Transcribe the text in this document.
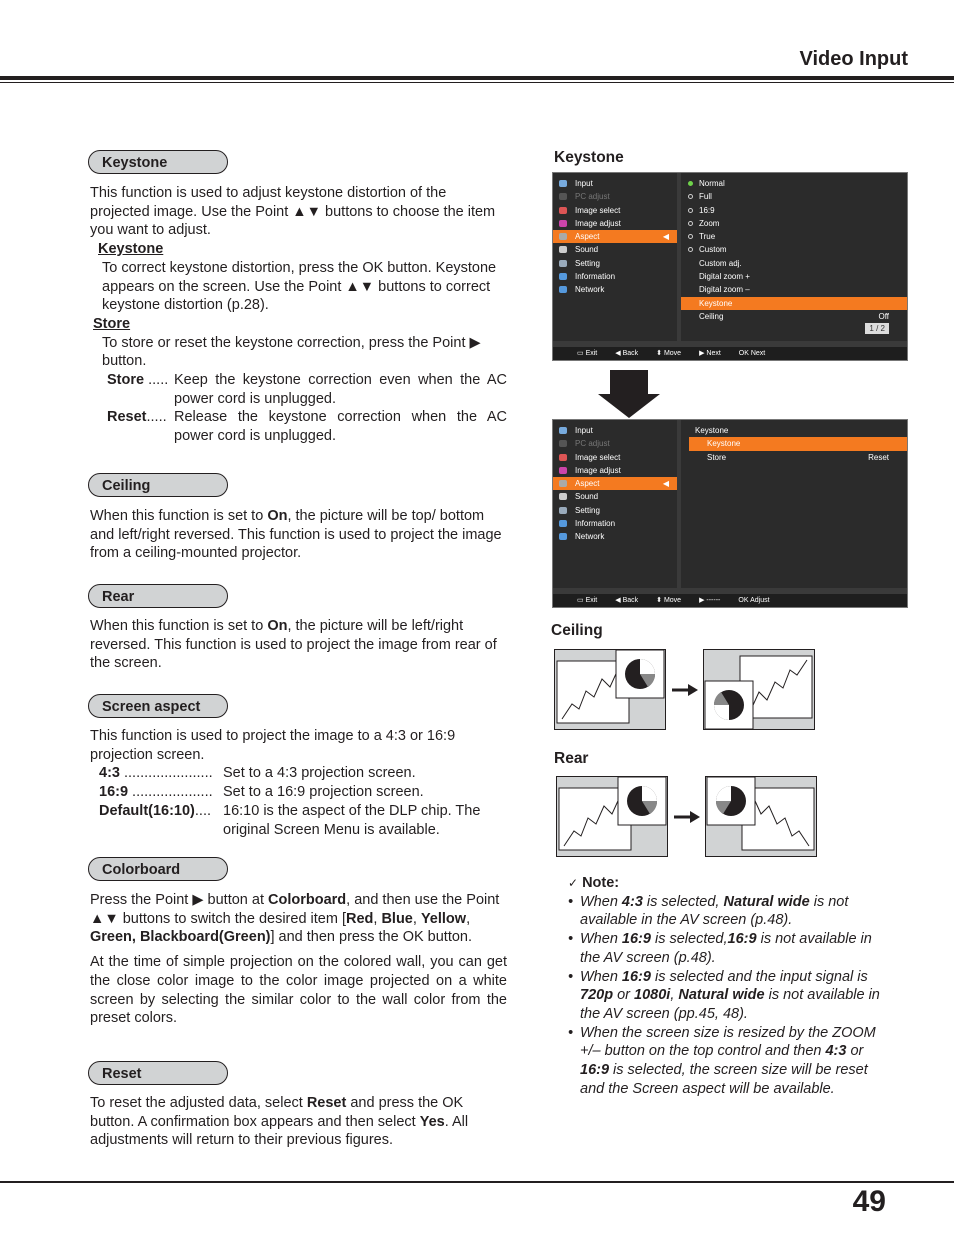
Video Input
Keystone

This function is used to adjust keystone distortion of the projected image. Use the Point ▲▼ buttons to choose the item you want to adjust.

Keystone

To correct keystone distortion, press the OK button. Keystone appears on the screen. Use the Point ▲▼ buttons to correct keystone distortion (p.28).

Store

To store or reset the keystone correction, press the Point ▶ button.

Store ..... Keep the keystone correction even when the AC power cord is unplugged.
Reset..... Release the keystone correction when the AC power cord is unplugged.
Ceiling

When this function is set to On, the picture will be top/ bottom and left/right reversed. This function is used to project the image from a ceiling-mounted projector.

Rear

When this function is set to On, the picture will be left/right reversed. This function is used to project the image from rear of the screen.

Screen aspect

This function is used to project the image to a 4:3 or 16:9 projection screen.

4:3 ...................... Set to a 4:3 projection screen.
16:9 .................... Set to a 16:9 projection screen.
Default(16:10).... 16:10 is the aspect of the DLP chip. The original Screen Menu is available.
Colorboard

Press the Point ▶ button at Colorboard, and then use the Point ▲▼ buttons to switch the desired item [Red, Blue, Yellow, Green, Blackboard(Green)] and then press the OK button.

At the time of simple projection on the colored wall, you can get the close color image to the color image projected on a white screen by selecting the similar color to the wall color from the preset colors.

Reset

To reset the adjusted data, select Reset and press the OK button. A confirmation box appears and then select Yes. All adjustments will return to their previous figures.

Keystone
Input
PC adjust
Image select
Image adjust
Aspect	◀
Sound
Setting
Information
Network
Normal
Full
16:9
Zoom
True
Custom
Custom adj.
Digital zoom +
Digital zoom –
Keystone
Ceiling	Off
1 / 2
▭ Exit	◀ Back	⬍ Move	▶ Next	OK Next
Input
PC adjust
Image select
Image adjust
Aspect	◀
Sound
Setting
Information
Network
Keystone
Keystone
Store	Reset
▭ Exit	◀ Back	⬍ Move	▶ ------	OK Adjust
Ceiling
Rear
✓ Note:
• When 4:3 is selected, Natural wide is not available in the AV screen (p.48).
• When 16:9 is selected,16:9 is not available in the AV screen (p.48).
• When 16:9 is selected and the input signal is 720p or 1080i, Natural wide is not available in the AV screen (pp.45, 48).
• When the screen size is resized by the ZOOM +/– button on the top control and then 4:3 or 16:9 is selected, the screen size will be reset and the Screen aspect will be available.
49
